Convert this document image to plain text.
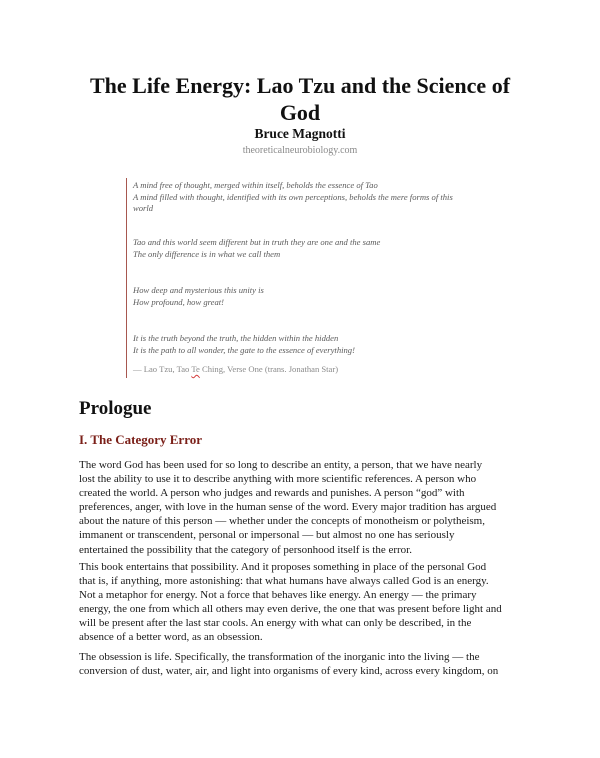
The Life Energy: Lao Tzu and the Science of
God
Bruce Magnotti
theoreticalneurobiology.com
A mind free of thought, merged within itself, beholds the essence of Tao
A mind filled with thought, identified with its own perceptions, beholds the mere forms of this
world
Tao and this world seem different but in truth they are one and the same
The only difference is in what we call them
How deep and mysterious this unity is
How profound, how great!
It is the truth beyond the truth, the hidden within the hidden
It is the path to all wonder, the gate to the essence of everything!
— Lao Tzu, Tao Te Ching, Verse One (trans. Jonathan Star)
Prologue
I. The Category Error
The word God has been used for so long to describe an entity, a person, that we have nearly
lost the ability to use it to describe anything with more scientific references. A person who
created the world. A person who judges and rewards and punishes. A person “god” with
preferences, anger, with love in the human sense of the word. Every major tradition has argued
about the nature of this person — whether under the concepts of monotheism or polytheism,
immanent or transcendent, personal or impersonal — but almost no one has seriously
entertained the possibility that the category of personhood itself is the error.
This book entertains that possibility. And it proposes something in place of the personal God
that is, if anything, more astonishing: that what humans have always called God is an energy.
Not a metaphor for energy. Not a force that behaves like energy. An energy — the primary
energy, the one from which all others may even derive, the one that was present before light and
will be present after the last star cools. An energy with what can only be described, in the
absence of a better word, as an obsession.
The obsession is life. Specifically, the transformation of the inorganic into the living — the
conversion of dust, water, air, and light into organisms of every kind, across every kingdom, on
